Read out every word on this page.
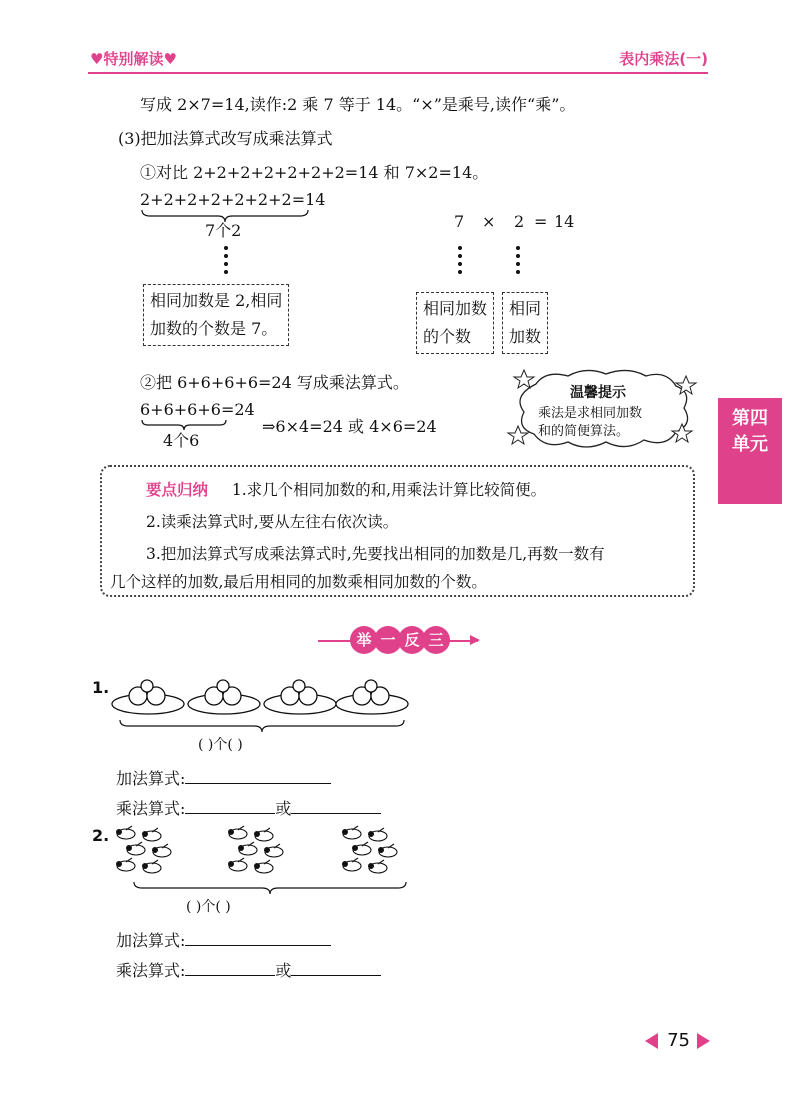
♥特别解读♥	表内乘法(一)
写成 2×7=14,读作:2 乘 7 等于 14。“×”是乘号,读作“乘”。
(3)把加法算式改写成乘法算式
①对比 2+2+2+2+2+2+2=14 和 7×2=14。
2+2+2+2+2+2+2=14
7个2	7 × 2 = 14
相同加数是 2,相同
加数的个数是 7。
相同加数
的个数
相同
加数
②把 6+6+6+6=24 写成乘法算式。
6+6+6+6=24
4个6
⇒6×4=24 或 4×6=24
温馨提示
乘法是求相同加数
和的简便算法。
第四
单元
要点归纳 1.求几个相同加数的和,用乘法计算比较简便。
2.读乘法算式时,要从左往右依次读。
3.把加法算式写成乘法算式时,先要找出相同的加数是几,再数一数有
几个这样的加数,最后用相同的加数乘相同加数的个数。
举 一 反 三
1.
( )个( )
加法算式:
乘法算式:	或
2.
( )个( )
加法算式:
乘法算式:	或
75
